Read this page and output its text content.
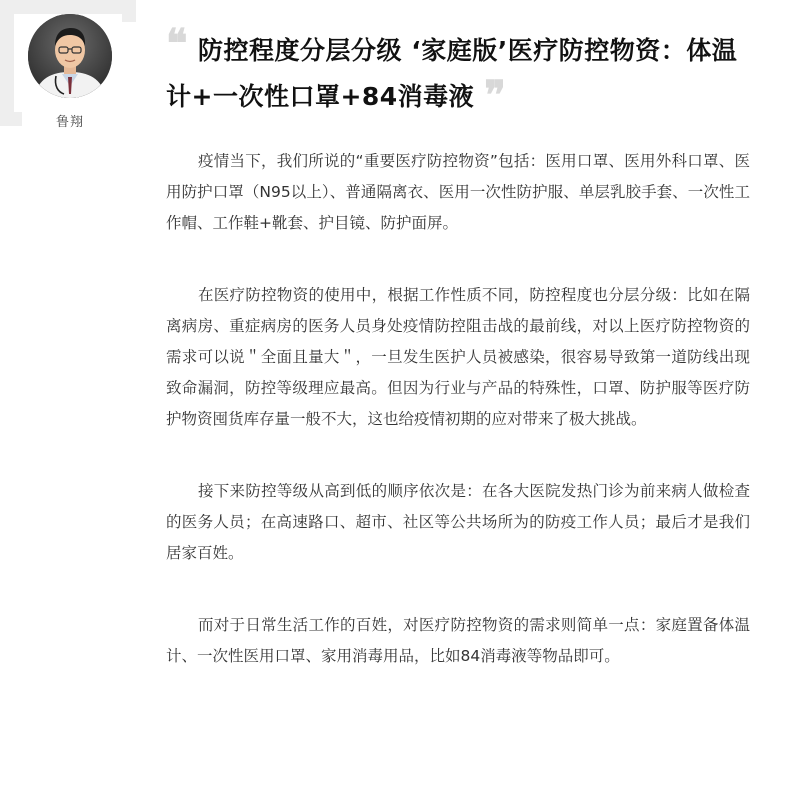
鲁翔
❝ 防控程度分层分级 ‘家庭版’医疗防控物资：体温计+一次性口罩+84消毒液 ❞

疫情当下，我们所说的“重要医疗防控物资”包括：医用口罩、医用外科口罩、医用防护口罩（N95以上）、普通隔离衣、医用一次性防护服、单层乳胶手套、一次性工作帽、工作鞋+靴套、护目镜、防护面屏。

在医疗防控物资的使用中，根据工作性质不同，防控程度也分层分级：比如在隔离病房、重症病房的医务人员身处疫情防控阻击战的最前线，对以上医疗防控物资的需求可以说＂全面且量大＂，一旦发生医护人员被感染，很容易导致第一道防线出现致命漏洞，防控等级理应最高。但因为行业与产品的特殊性，口罩、防护服等医疗防护物资囤货库存量一般不大，这也给疫情初期的应对带来了极大挑战。

接下来防控等级从高到低的顺序依次是：在各大医院发热门诊为前来病人做检查的医务人员；在高速路口、超市、社区等公共场所为的防疫工作人员；最后才是我们居家百姓。

而对于日常生活工作的百姓，对医疗防控物资的需求则简单一点：家庭置备体温计、一次性医用口罩、家用消毒用品，比如84消毒液等物品即可。
